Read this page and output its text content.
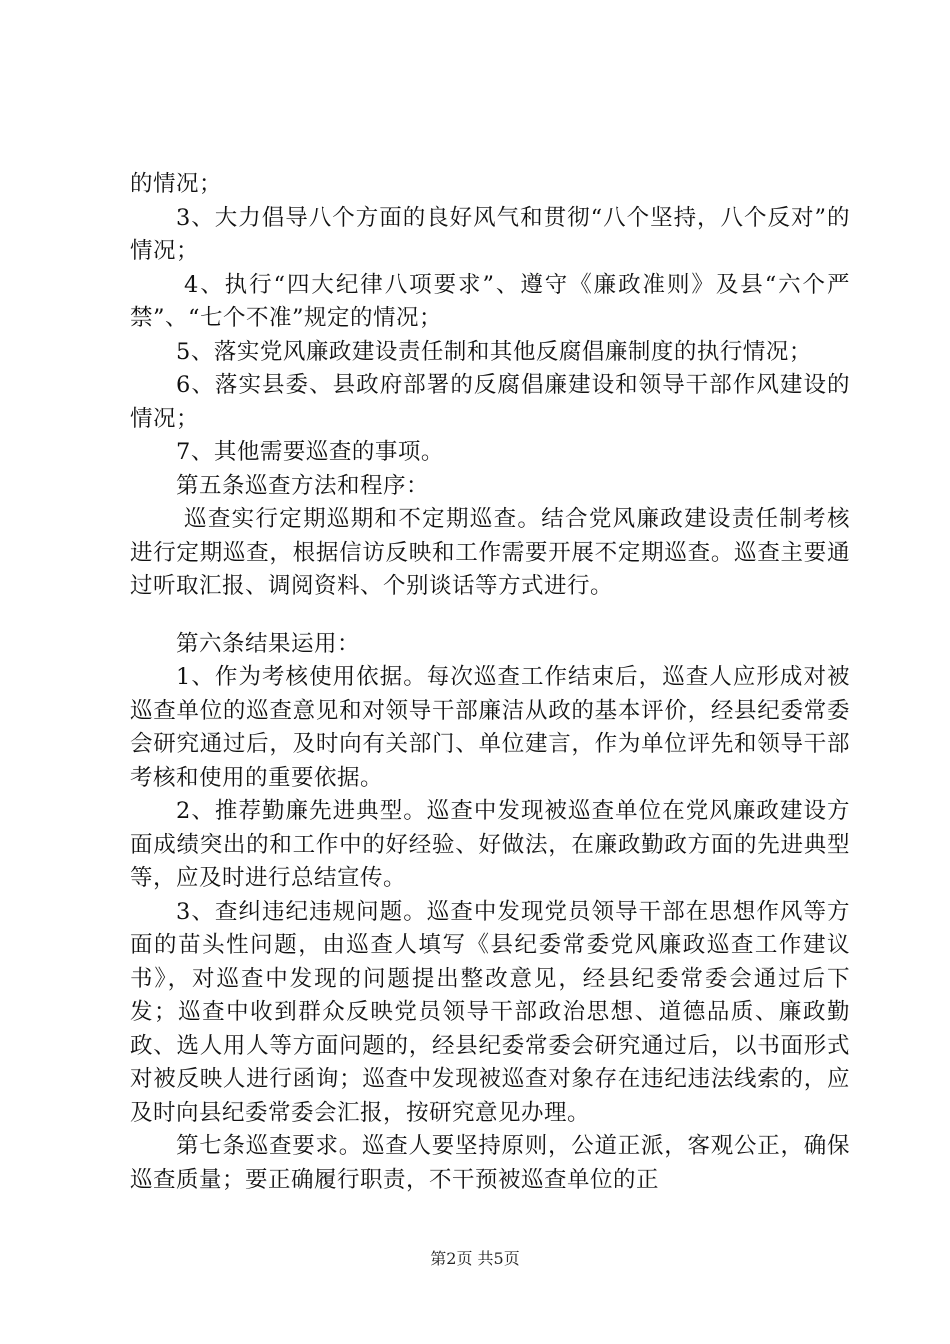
的情况；

3、大力倡导八个方面的良好风气和贯彻“八个坚持，八个反对”的情况；

4、执行“四大纪律八项要求”、遵守《廉政准则》及县“六个严禁”、“七个不准”规定的情况；

5、落实党风廉政建设责任制和其他反腐倡廉制度的执行情况；

6、落实县委、县政府部署的反腐倡廉建设和领导干部作风建设的情况；

7、其他需要巡查的事项。

第五条巡查方法和程序：

巡查实行定期巡期和不定期巡查。结合党风廉政建设责任制考核进行定期巡查，根据信访反映和工作需要开展不定期巡查。巡查主要通过听取汇报、调阅资料、个别谈话等方式进行。

第六条结果运用：

1、作为考核使用依据。每次巡查工作结束后，巡查人应形成对被巡查单位的巡查意见和对领导干部廉洁从政的基本评价，经县纪委常委会研究通过后，及时向有关部门、单位建言，作为单位评先和领导干部考核和使用的重要依据。

2、推荐勤廉先进典型。巡查中发现被巡查单位在党风廉政建设方面成绩突出的和工作中的好经验、好做法，在廉政勤政方面的先进典型等，应及时进行总结宣传。

3、查纠违纪违规问题。巡查中发现党员领导干部在思想作风等方面的苗头性问题，由巡查人填写《县纪委常委党风廉政巡查工作建议书》，对巡查中发现的问题提出整改意见，经县纪委常委会通过后下发；巡查中收到群众反映党员领导干部政治思想、道德品质、廉政勤政、选人用人等方面问题的，经县纪委常委会研究通过后，以书面形式对被反映人进行函询；巡查中发现被巡查对象存在违纪违法线索的，应及时向县纪委常委会汇报，按研究意见办理。

第七条巡查要求。巡查人要坚持原则，公道正派，客观公正，确保巡查质量；要正确履行职责，不干预被巡查单位的正

第2页 共5页
